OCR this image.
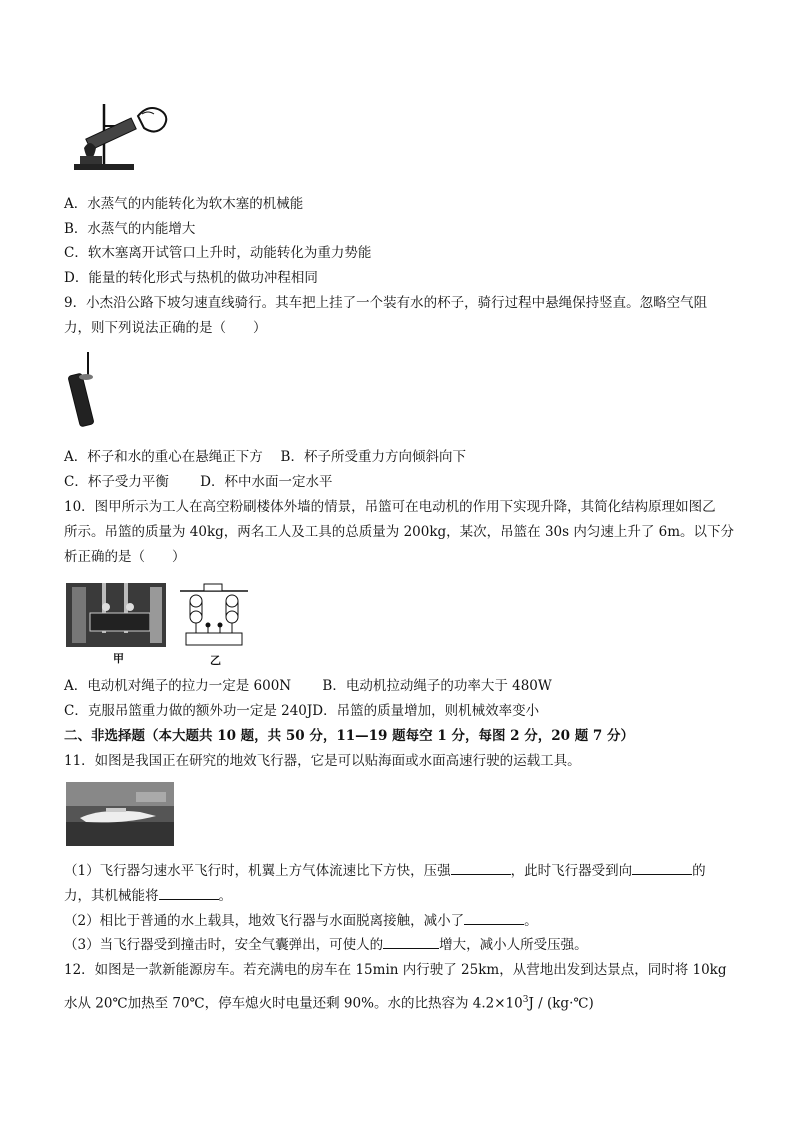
A．水蒸气的内能转化为软木塞的机械能
B．水蒸气的内能增大
C．软木塞离开试管口上升时，动能转化为重力势能
D．能量的转化形式与热机的做功冲程相同
9．小杰沿公路下坡匀速直线骑行。其车把上挂了一个装有水的杯子，骑行过程中悬绳保持竖直。忽略空气阻
力，则下列说法正确的是（　　）
A．杯子和水的重心在悬绳正下方　 B．杯子所受重力方向倾斜向下
C．杯子受力平衡　　 D．杯中水面一定水平
10．图甲所示为工人在高空粉刷楼体外墙的情景，吊篮可在电动机的作用下实现升降，其简化结构原理如图乙
所示。吊篮的质量为 40kg，两名工人及工具的总质量为 200kg，某次，吊篮在 30s 内匀速上升了 6m。以下分
析正确的是（　　）
甲	乙
A．电动机对绳子的拉力一定是 600N　　 B．电动机拉动绳子的功率大于 480W
C．克服吊篮重力做的额外功一定是 240JD．吊篮的质量增加，则机械效率变小
二、非选择题（本大题共 10 题，共 50 分，11—19 题每空 1 分，每图 2 分，20 题 7 分）
11．如图是我国正在研究的地效飞行器，它是可以贴海面或水面高速行驶的运载工具。
（1）飞行器匀速水平飞行时，机翼上方气体流速比下方快，压强	，此时飞行器受到向	的
力，其机械能将	。
（2）相比于普通的水上载具，地效飞行器与水面脱离接触，减小了	。
（3）当飞行器受到撞击时，安全气囊弹出，可使人的	增大，减小人所受压强。
12．如图是一款新能源房车。若充满电的房车在 15min 内行驶了 25km，从营地出发到达景点，同时将 10kg
水从 20℃加热至 70℃，停车熄火时电量还剩 90%。水的比热容为 $4.2\times 10^3J$ / (kg·℃)
